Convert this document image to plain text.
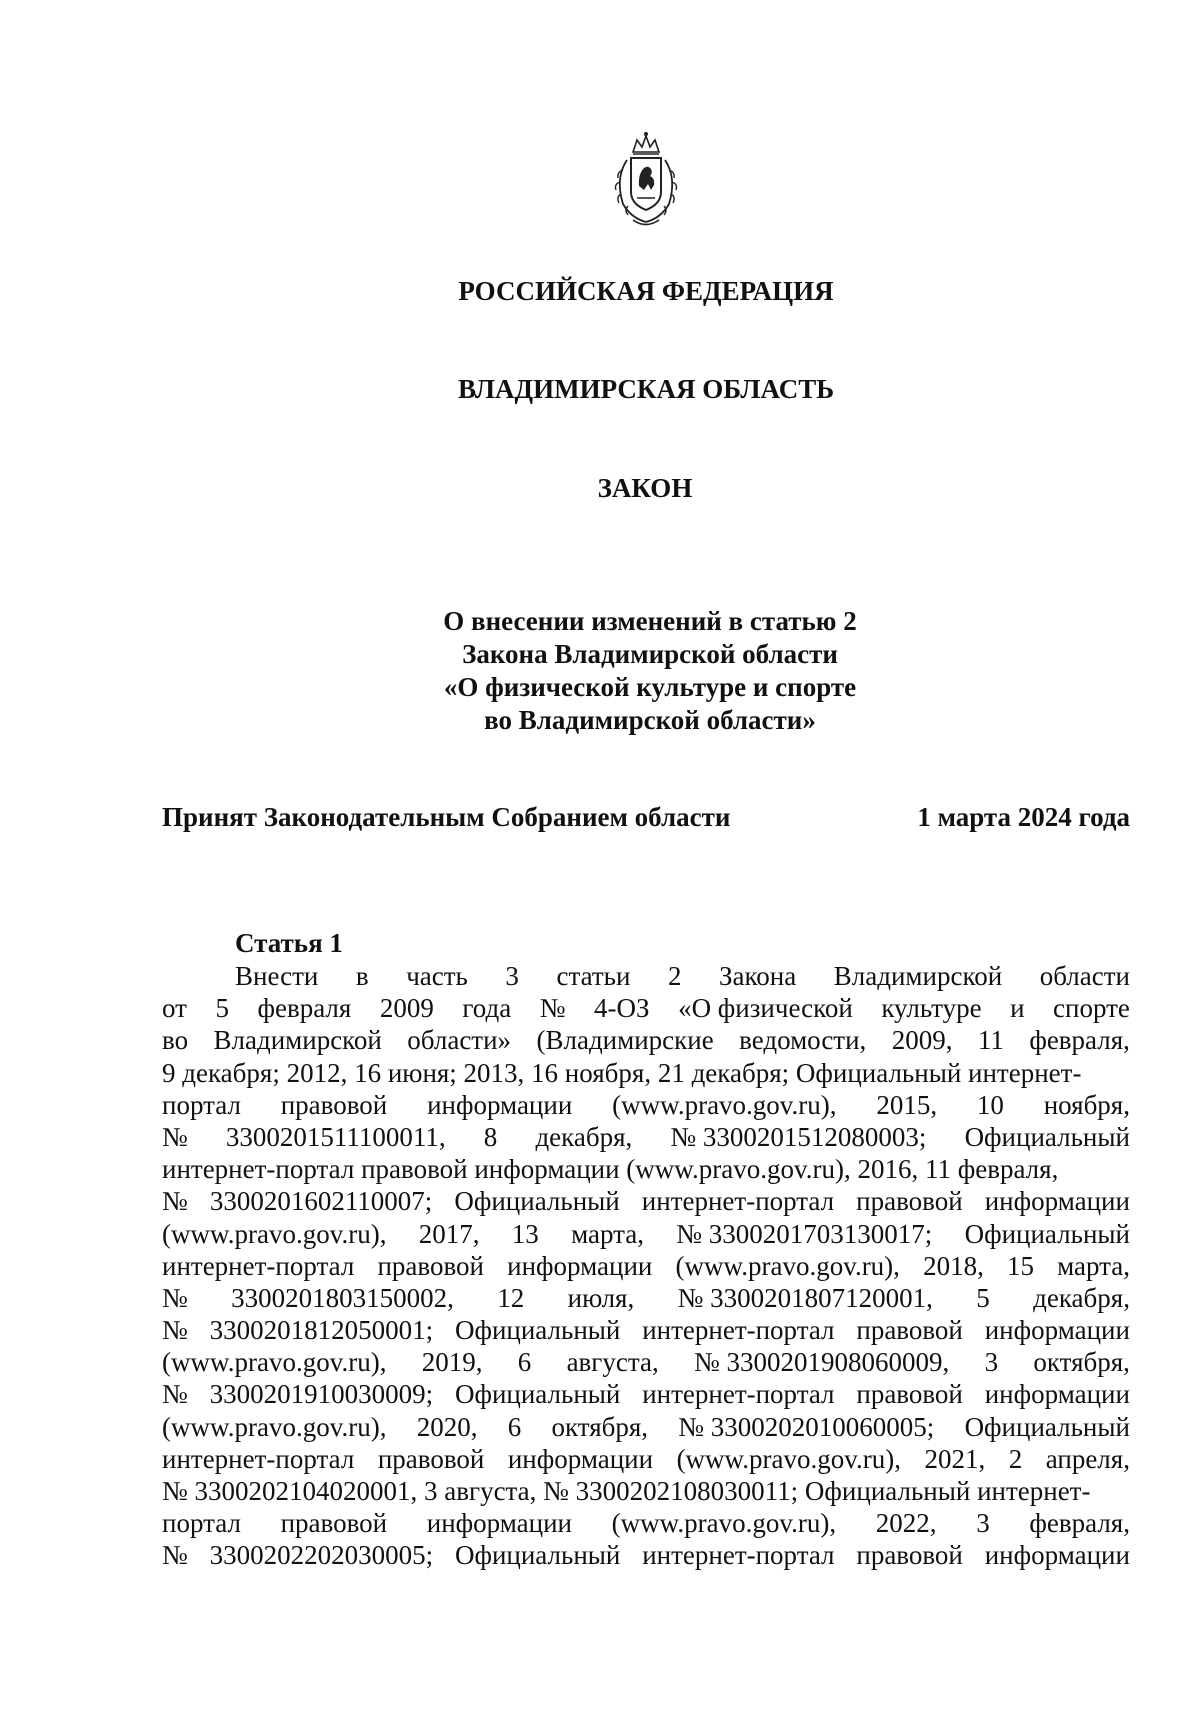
РОССИЙСКАЯ ФЕДЕРАЦИЯ
ВЛАДИМИРСКАЯ ОБЛАСТЬ
ЗАКОН
О внесении изменений в статью 2
Закона Владимирской области
«О физической культуре и спорте
во Владимирской области»
Принят Законодательным Собранием области	1 марта 2024 года
Статья 1
Внести в часть 3 статьи 2 Закона Владимирской области
от 5 февраля 2009 года № 4-ОЗ «О физической культуре и спорте
во Владимирской области» (Владимирские ведомости, 2009, 11 февраля,
9 декабря; 2012, 16 июня; 2013, 16 ноября, 21 декабря; Официальный интернет-
портал правовой информации (www.pravo.gov.ru), 2015, 10 ноября,
№ 3300201511100011, 8 декабря, № 3300201512080003; Официальный
интернет-портал правовой информации (www.pravo.gov.ru), 2016, 11 февраля,
№ 3300201602110007; Официальный интернет-портал правовой информации
(www.pravo.gov.ru), 2017, 13 марта, № 3300201703130017; Официальный
интернет-портал правовой информации (www.pravo.gov.ru), 2018, 15 марта,
№ 3300201803150002, 12 июля, № 3300201807120001, 5 декабря,
№ 3300201812050001; Официальный интернет-портал правовой информации
(www.pravo.gov.ru), 2019, 6 августа, № 3300201908060009, 3 октября,
№ 3300201910030009; Официальный интернет-портал правовой информации
(www.pravo.gov.ru), 2020, 6 октября, № 3300202010060005; Официальный
интернет-портал правовой информации (www.pravo.gov.ru), 2021, 2 апреля,
№ 3300202104020001, 3 августа, № 3300202108030011; Официальный интернет-
портал правовой информации (www.pravo.gov.ru), 2022, 3 февраля,
№ 3300202202030005; Официальный интернет-портал правовой информации
